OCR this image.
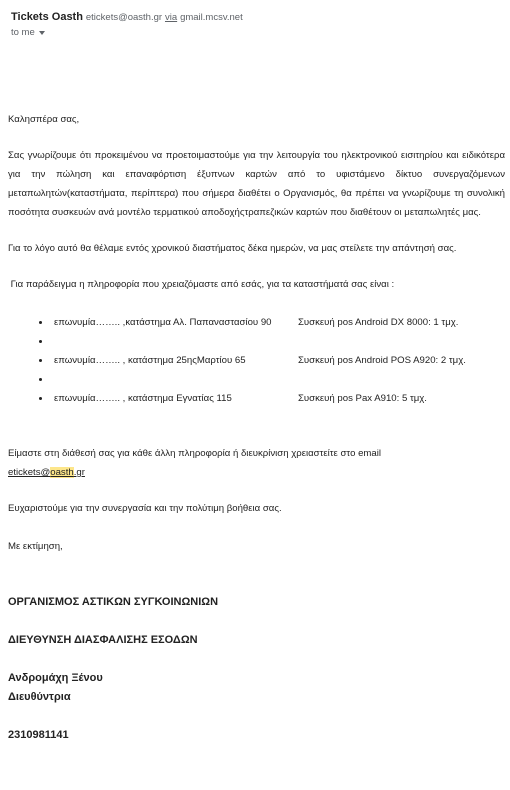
Tickets Oasth etickets@oasth.gr via gmail.mcsv.net
to me

Καλησπέρα σας,

Σας γνωρίζουμε ότι προκειμένου να προετοιμαστούμε για την λειτουργία του ηλεκτρονικού εισιτηρίου και ειδικότερα για την πώληση και επαναφόρτιση έξυπνων καρτών από το υφιστάμενο δίκτυο συνεργαζόμενων μεταπωλητών(καταστήματα, περίπτερα) που σήμερα διαθέτει ο Οργανισμός, θα πρέπει να γνωρίζουμε τη συνολική ποσότητα συσκευών ανά μοντέλο τερματικού αποδοχήςτραπεζικών καρτών που διαθέτουν οι μεταπωλητές μας.

Για το λόγο αυτό θα θέλαμε εντός χρονικού διαστήματος δέκα ημερών, να μας στείλετε την απάντησή σας.

Για παράδειγμα η πληροφορία που χρειαζόμαστε από εσάς, για τα καταστήματά σας είναι :

επωνυμία…….. ,κατάστημα Αλ. Παπαναστασίου 90	Συσκευή pos Android DX 8000: 1 τμχ.
επωνυμία…….. , κατάστημα 25ηςΜαρτίου 65	Συσκευή pos Android POS A920: 2 τμχ.
επωνυμία…….. , κατάστημα Εγνατίας 115	Συσκευή pos Pax A910: 5 τμχ.

Είμαστε στη διάθεσή σας για κάθε άλλη πληροφορία ή διευκρίνιση χρειαστείτε στο email

etickets@oasth.gr

Ευχαριστούμε για την συνεργασία και την πολύτιμη βοήθεια σας.

Με εκτίμηση,

ΟΡΓΑΝΙΣΜΟΣ ΑΣΤΙΚΩΝ ΣΥΓΚΟΙΝΩΝΙΩΝ

ΔΙΕΥΘΥΝΣΗ ΔΙΑΣΦΑΛΙΣΗΣ ΕΣΟΔΩΝ

Ανδρομάχη Ξένου

Διευθύντρια

2310981141
